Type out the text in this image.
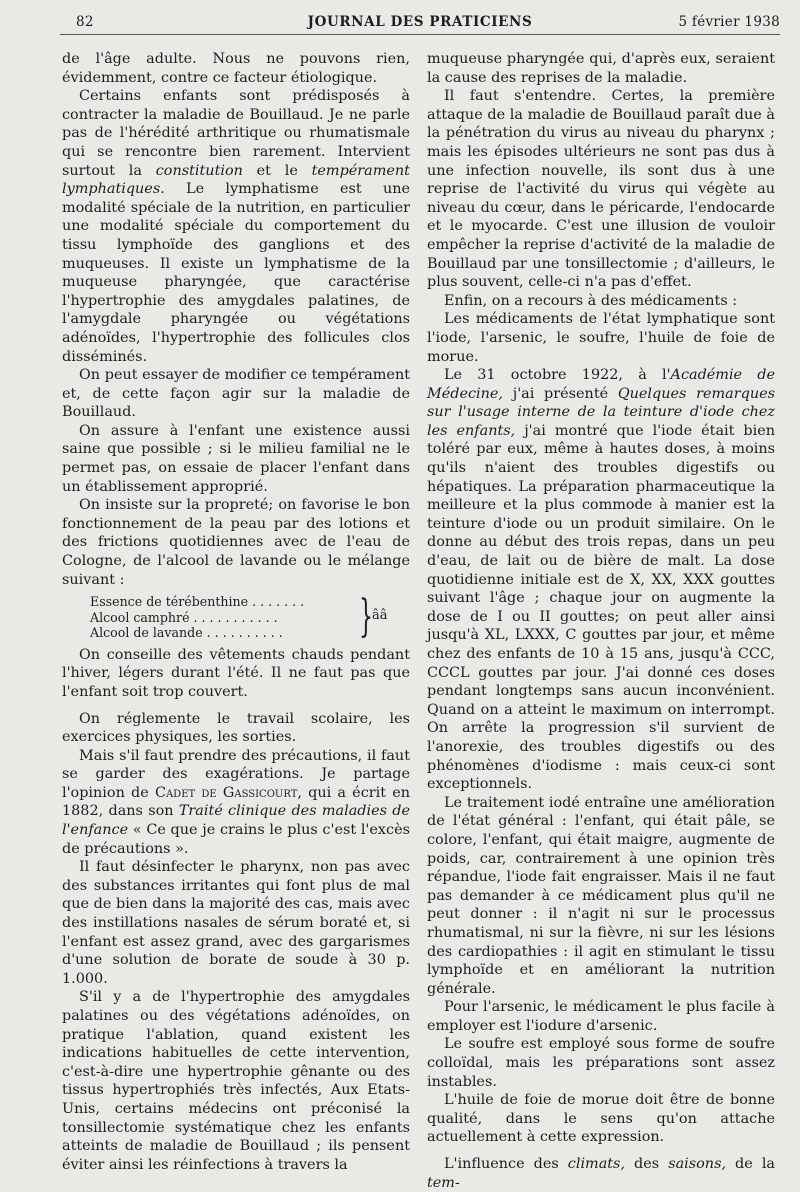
82	JOURNAL DES PRATICIENS	5 février 1938

de l'âge adulte. Nous ne pouvons rien, évidemment, contre ce facteur étiologique.

Certains enfants sont prédisposés à contracter la maladie de Bouillaud. Je ne parle pas de l'hérédité arthritique ou rhumatismale qui se rencontre bien rarement. Intervient surtout la constitution et le tempérament lymphatiques. Le lymphatisme est une modalité spéciale de la nutrition, en particulier une modalité spéciale du comportement du tissu lymphoïde des ganglions et des muqueuses. Il existe un lymphatisme de la muqueuse pharyngée, que caractérise l'hypertrophie des amygdales palatines, de l'amygdale pharyngée ou végétations adénoïdes, l'hypertrophie des follicules clos disséminés.

On peut essayer de modifier ce tempérament et, de cette façon agir sur la maladie de Bouillaud.

On assure à l'enfant une existence aussi saine que possible ; si le milieu familial ne le permet pas, on essaie de placer l'enfant dans un établissement approprié.

On insiste sur la propreté; on favorise le bon fonctionnement de la peau par des lotions et des frictions quotidiennes avec de l'eau de Cologne, de l'alcool de lavande ou le mélange suivant :

Essence de térébenthine . . . . . . .
Alcool camphré . . . . . . . . . . .
Alcool de lavande . . . . . . . . . .	} ââ

On conseille des vêtements chauds pendant l'hiver, légers durant l'été. Il ne faut pas que l'enfant soit trop couvert.

On réglemente le travail scolaire, les exercices physiques, les sorties.

Mais s'il faut prendre des précautions, il faut se garder des exagérations. Je partage l'opinion de Cadet de Gassicourt, qui a écrit en 1882, dans son Traité clinique des maladies de l'enfance « Ce que je crains le plus c'est l'excès de précautions ».

Il faut désinfecter le pharynx, non pas avec des substances irritantes qui font plus de mal que de bien dans la majorité des cas, mais avec des instillations nasales de sérum boraté et, si l'enfant est assez grand, avec des gargarismes d'une solution de borate de soude à 30 p. 1.000.

S'il y a de l'hypertrophie des amygdales palatines ou des végétations adénoïdes, on pratique l'ablation, quand existent les indications habituelles de cette intervention, c'est-à-dire une hypertrophie gênante ou des tissus hypertrophiés très infectés, Aux Etats-Unis, certains médecins ont préconisé la tonsillectomie systématique chez les enfants atteints de maladie de Bouillaud ; ils pensent éviter ainsi les réinfections à travers la

muqueuse pharyngée qui, d'après eux, seraient la cause des reprises de la maladie.

Il faut s'entendre. Certes, la première attaque de la maladie de Bouillaud paraît due à la pénétration du virus au niveau du pharynx ; mais les épisodes ultérieurs ne sont pas dus à une infection nouvelle, ils sont dus à une reprise de l'activité du virus qui végète au niveau du cœur, dans le péricarde, l'endocarde et le myocarde. C'est une illusion de vouloir empêcher la reprise d'activité de la maladie de Bouillaud par une tonsillectomie ; d'ailleurs, le plus souvent, celle-ci n'a pas d'effet.

Enfin, on a recours à des médicaments :

Les médicaments de l'état lymphatique sont l'iode, l'arsenic, le soufre, l'huile de foie de morue.

Le 31 octobre 1922, à l'Académie de Médecine, j'ai présenté Quelques remarques sur l'usage interne de la teinture d'iode chez les enfants, j'ai montré que l'iode était bien toléré par eux, même à hautes doses, à moins qu'ils n'aient des troubles digestifs ou hépatiques. La préparation pharmaceutique la meilleure et la plus commode à manier est la teinture d'iode ou un produit similaire. On le donne au début des trois repas, dans un peu d'eau, de lait ou de bière de malt. La dose quotidienne initiale est de X, XX, XXX gouttes suivant l'âge ; chaque jour on augmente la dose de I ou II gouttes; on peut aller ainsi jusqu'à XL, LXXX, C gouttes par jour, et même chez des enfants de 10 à 15 ans, jusqu'à CCC, CCCL gouttes par jour. J'ai donné ces doses pendant longtemps sans aucun inconvénient. Quand on a atteint le maximum on interrompt. On arrête la progression s'il survient de l'anorexie, des troubles digestifs ou des phénomènes d'iodisme : mais ceux-ci sont exceptionnels.

Le traitement iodé entraîne une amélioration de l'état général : l'enfant, qui était pâle, se colore, l'enfant, qui était maigre, augmente de poids, car, contrairement à une opinion très répandue, l'iode fait engraisser. Mais il ne faut pas demander à ce médicament plus qu'il ne peut donner : il n'agit ni sur le processus rhumatismal, ni sur la fièvre, ni sur les lésions des cardiopathies : il agit en stimulant le tissu lymphoïde et en améliorant la nutrition générale.

Pour l'arsenic, le médicament le plus facile à employer est l'iodure d'arsenic.

Le soufre est employé sous forme de soufre colloïdal, mais les préparations sont assez instables.

L'huile de foie de morue doit être de bonne qualité, dans le sens qu'on attache actuellement à cette expression.

L'influence des climats, des saisons, de la tem-
